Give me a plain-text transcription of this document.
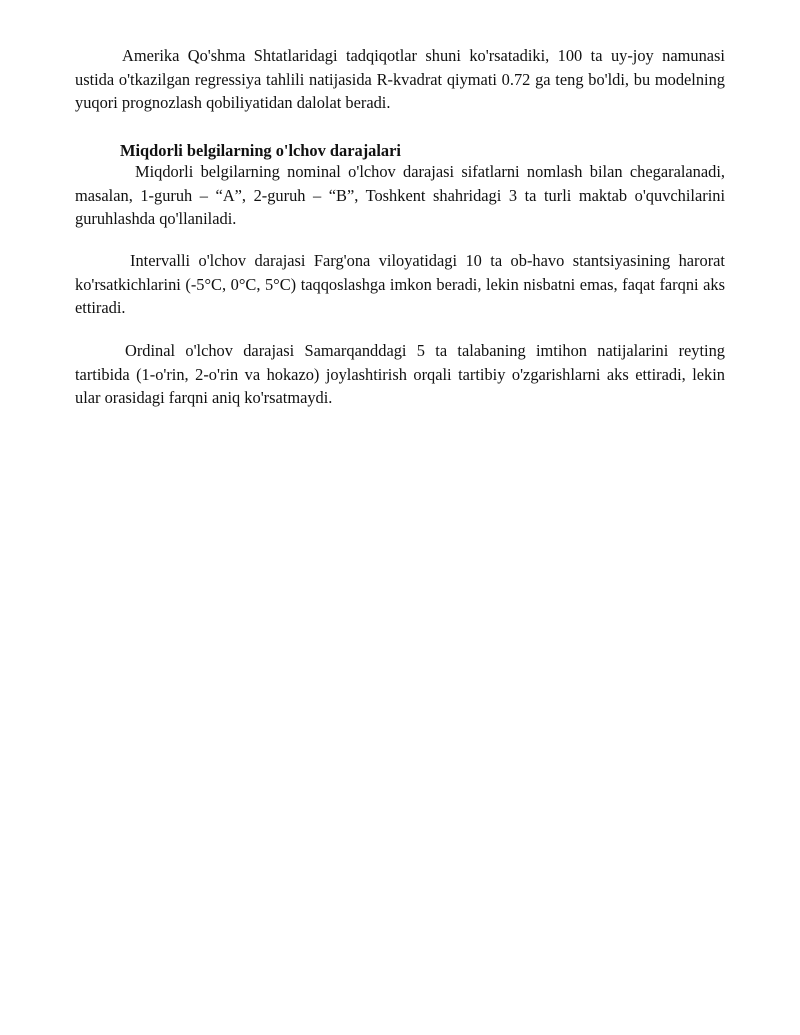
Amerika Qo'shma Shtatlaridagi tadqiqotlar shuni ko'rsatadiki, 100 ta uy-joy namunasi ustida o'tkazilgan regressiya tahlili natijasida R-kvadrat qiymati 0.72 ga teng bo'ldi, bu modelning yuqori prognozlash qobiliyatidan dalolat beradi.

Miqdorli belgilarning o'lchov darajalari

Miqdorli belgilarning nominal o'lchov darajasi sifatlarni nomlash bilan chegaralanadi, masalan, 1-guruh – “A”, 2-guruh – “B”, Toshkent shahridagi 3 ta turli maktab o'quvchilarini guruhlashda qo'llaniladi.

Intervalli o'lchov darajasi Farg'ona viloyatidagi 10 ta ob-havo stantsiyasining harorat ko'rsatkichlarini (-5°C, 0°C, 5°C) taqqoslashga imkon beradi, lekin nisbatni emas, faqat farqni aks ettiradi.

Ordinal o'lchov darajasi Samarqanddagi 5 ta talabaning imtihon natijalarini reyting tartibida (1-o'rin, 2-o'rin va hokazo) joylashtirish orqali tartibiy o'zgarishlarni aks ettiradi, lekin ular orasidagi farqni aniq ko'rsatmaydi.
